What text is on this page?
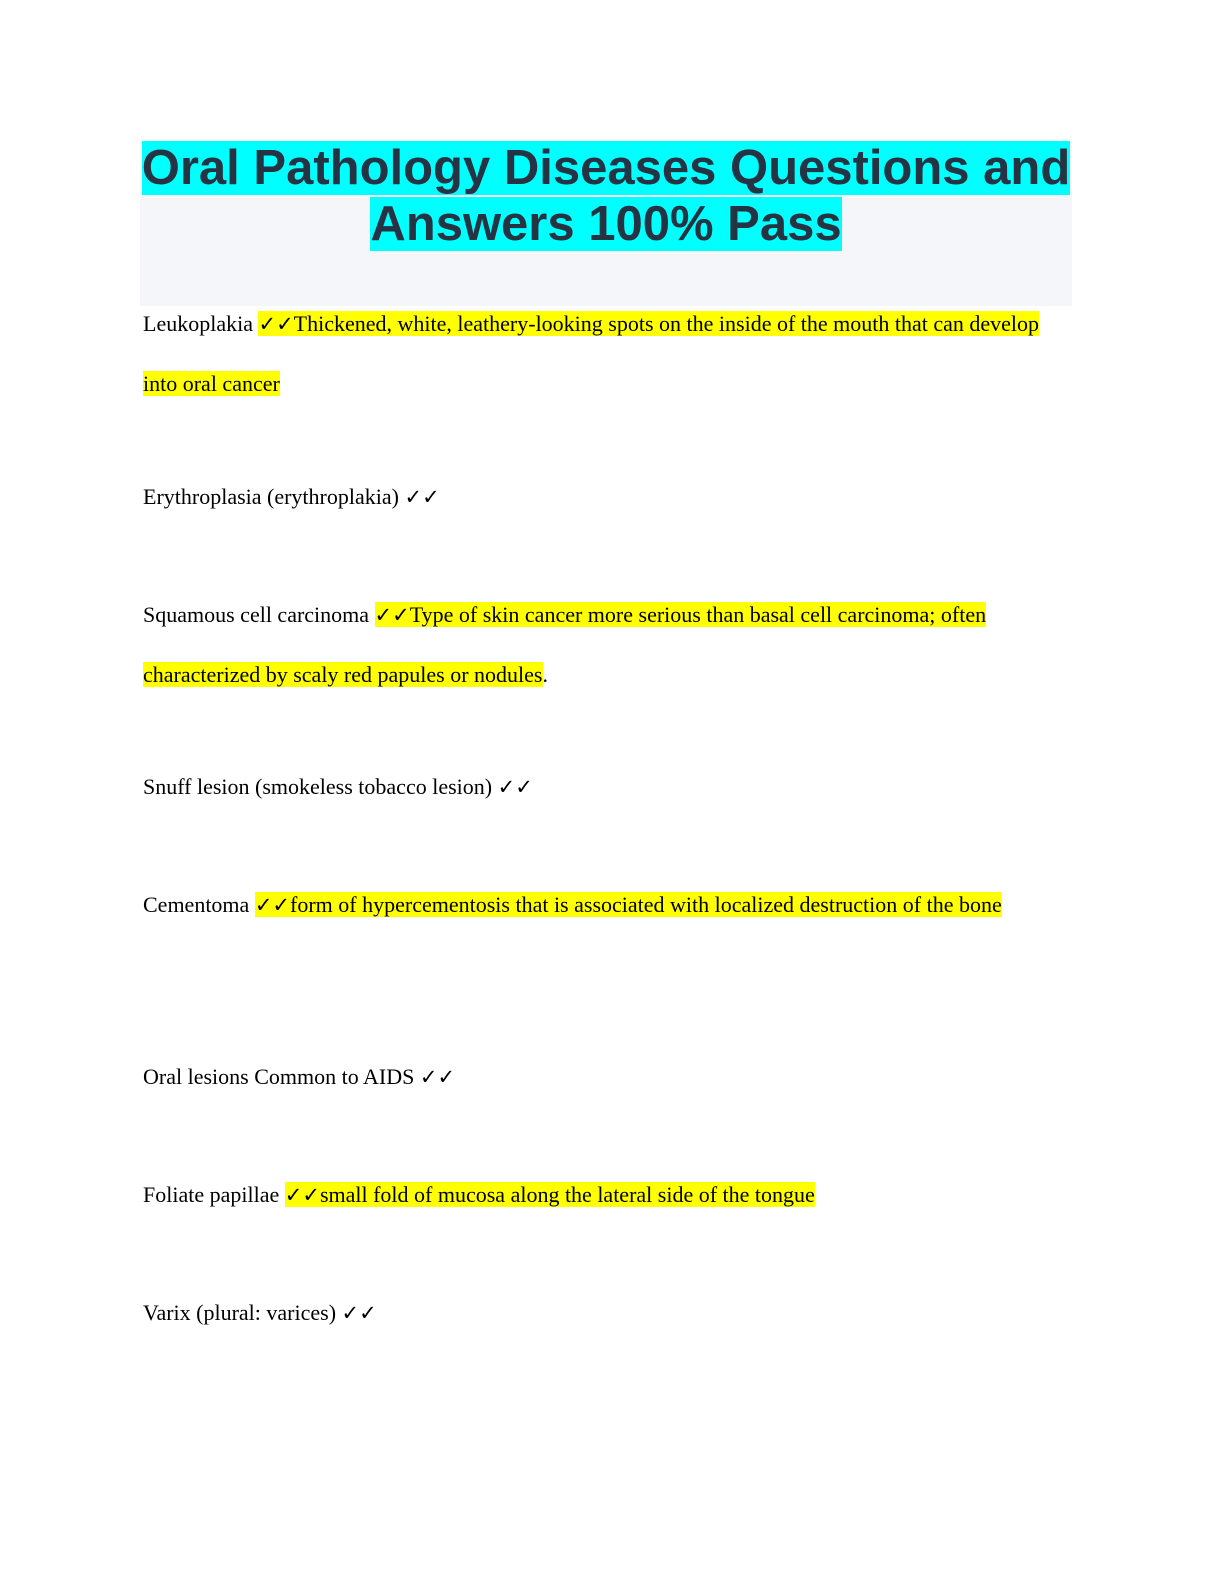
Oral Pathology Diseases Questions and Answers 100% Pass

Leukoplakia ✓✓Thickened, white, leathery-looking spots on the inside of the mouth that can develop into oral cancer

Erythroplasia (erythroplakia) ✓✓

Squamous cell carcinoma ✓✓Type of skin cancer more serious than basal cell carcinoma; often characterized by scaly red papules or nodules.

Snuff lesion (smokeless tobacco lesion) ✓✓

Cementoma ✓✓form of hypercementosis that is associated with localized destruction of the bone

Oral lesions Common to AIDS ✓✓

Foliate papillae ✓✓small fold of mucosa along the lateral side of the tongue

Varix (plural: varices) ✓✓
